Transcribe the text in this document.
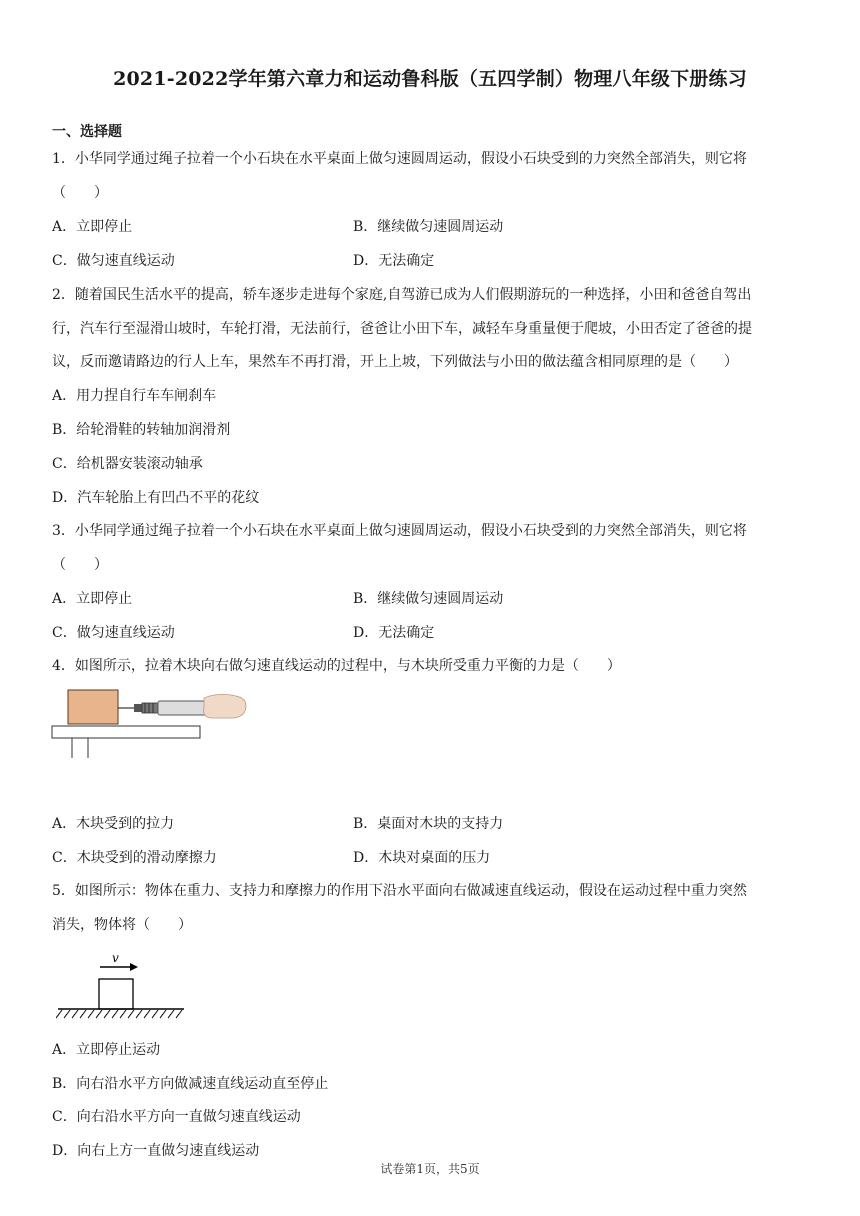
2021-2022学年第六章力和运动鲁科版（五四学制）物理八年级下册练习
一、选择题
1．小华同学通过绳子拉着一个小石块在水平桌面上做匀速圆周运动，假设小石块受到的力突然全部消失，则它将
（　　）
A．立即停止	B．继续做匀速圆周运动
C．做匀速直线运动	D．无法确定
2．随着国民生活水平的提高，轿车逐步走进每个家庭,自驾游已成为人们假期游玩的一种选择，小田和爸爸自驾出
行，汽车行至湿滑山坡时，车轮打滑，无法前行，爸爸让小田下车，减轻车身重量便于爬坡，小田否定了爸爸的提
议，反而邀请路边的行人上车，果然车不再打滑，开上上坡，下列做法与小田的做法蕴含相同原理的是（　　）
A．用力捏自行车车闸刹车
B．给轮滑鞋的转轴加润滑剂
C．给机器安装滚动轴承
D．汽车轮胎上有凹凸不平的花纹
3．小华同学通过绳子拉着一个小石块在水平桌面上做匀速圆周运动，假设小石块受到的力突然全部消失，则它将
（　　）
A．立即停止	B．继续做匀速圆周运动
C．做匀速直线运动	D．无法确定
4．如图所示，拉着木块向右做匀速直线运动的过程中，与木块所受重力平衡的力是（　　）
A．木块受到的拉力	B．桌面对木块的支持力
C．木块受到的滑动摩擦力	D．木块对桌面的压力
5．如图所示：物体在重力、支持力和摩擦力的作用下沿水平面向右做减速直线运动，假设在运动过程中重力突然
消失，物体将（　　）
v
A．立即停止运动
B．向右沿水平方向做减速直线运动直至停止
C．向右沿水平方向一直做匀速直线运动
D．向右上方一直做匀速直线运动
试卷第1页，共5页
